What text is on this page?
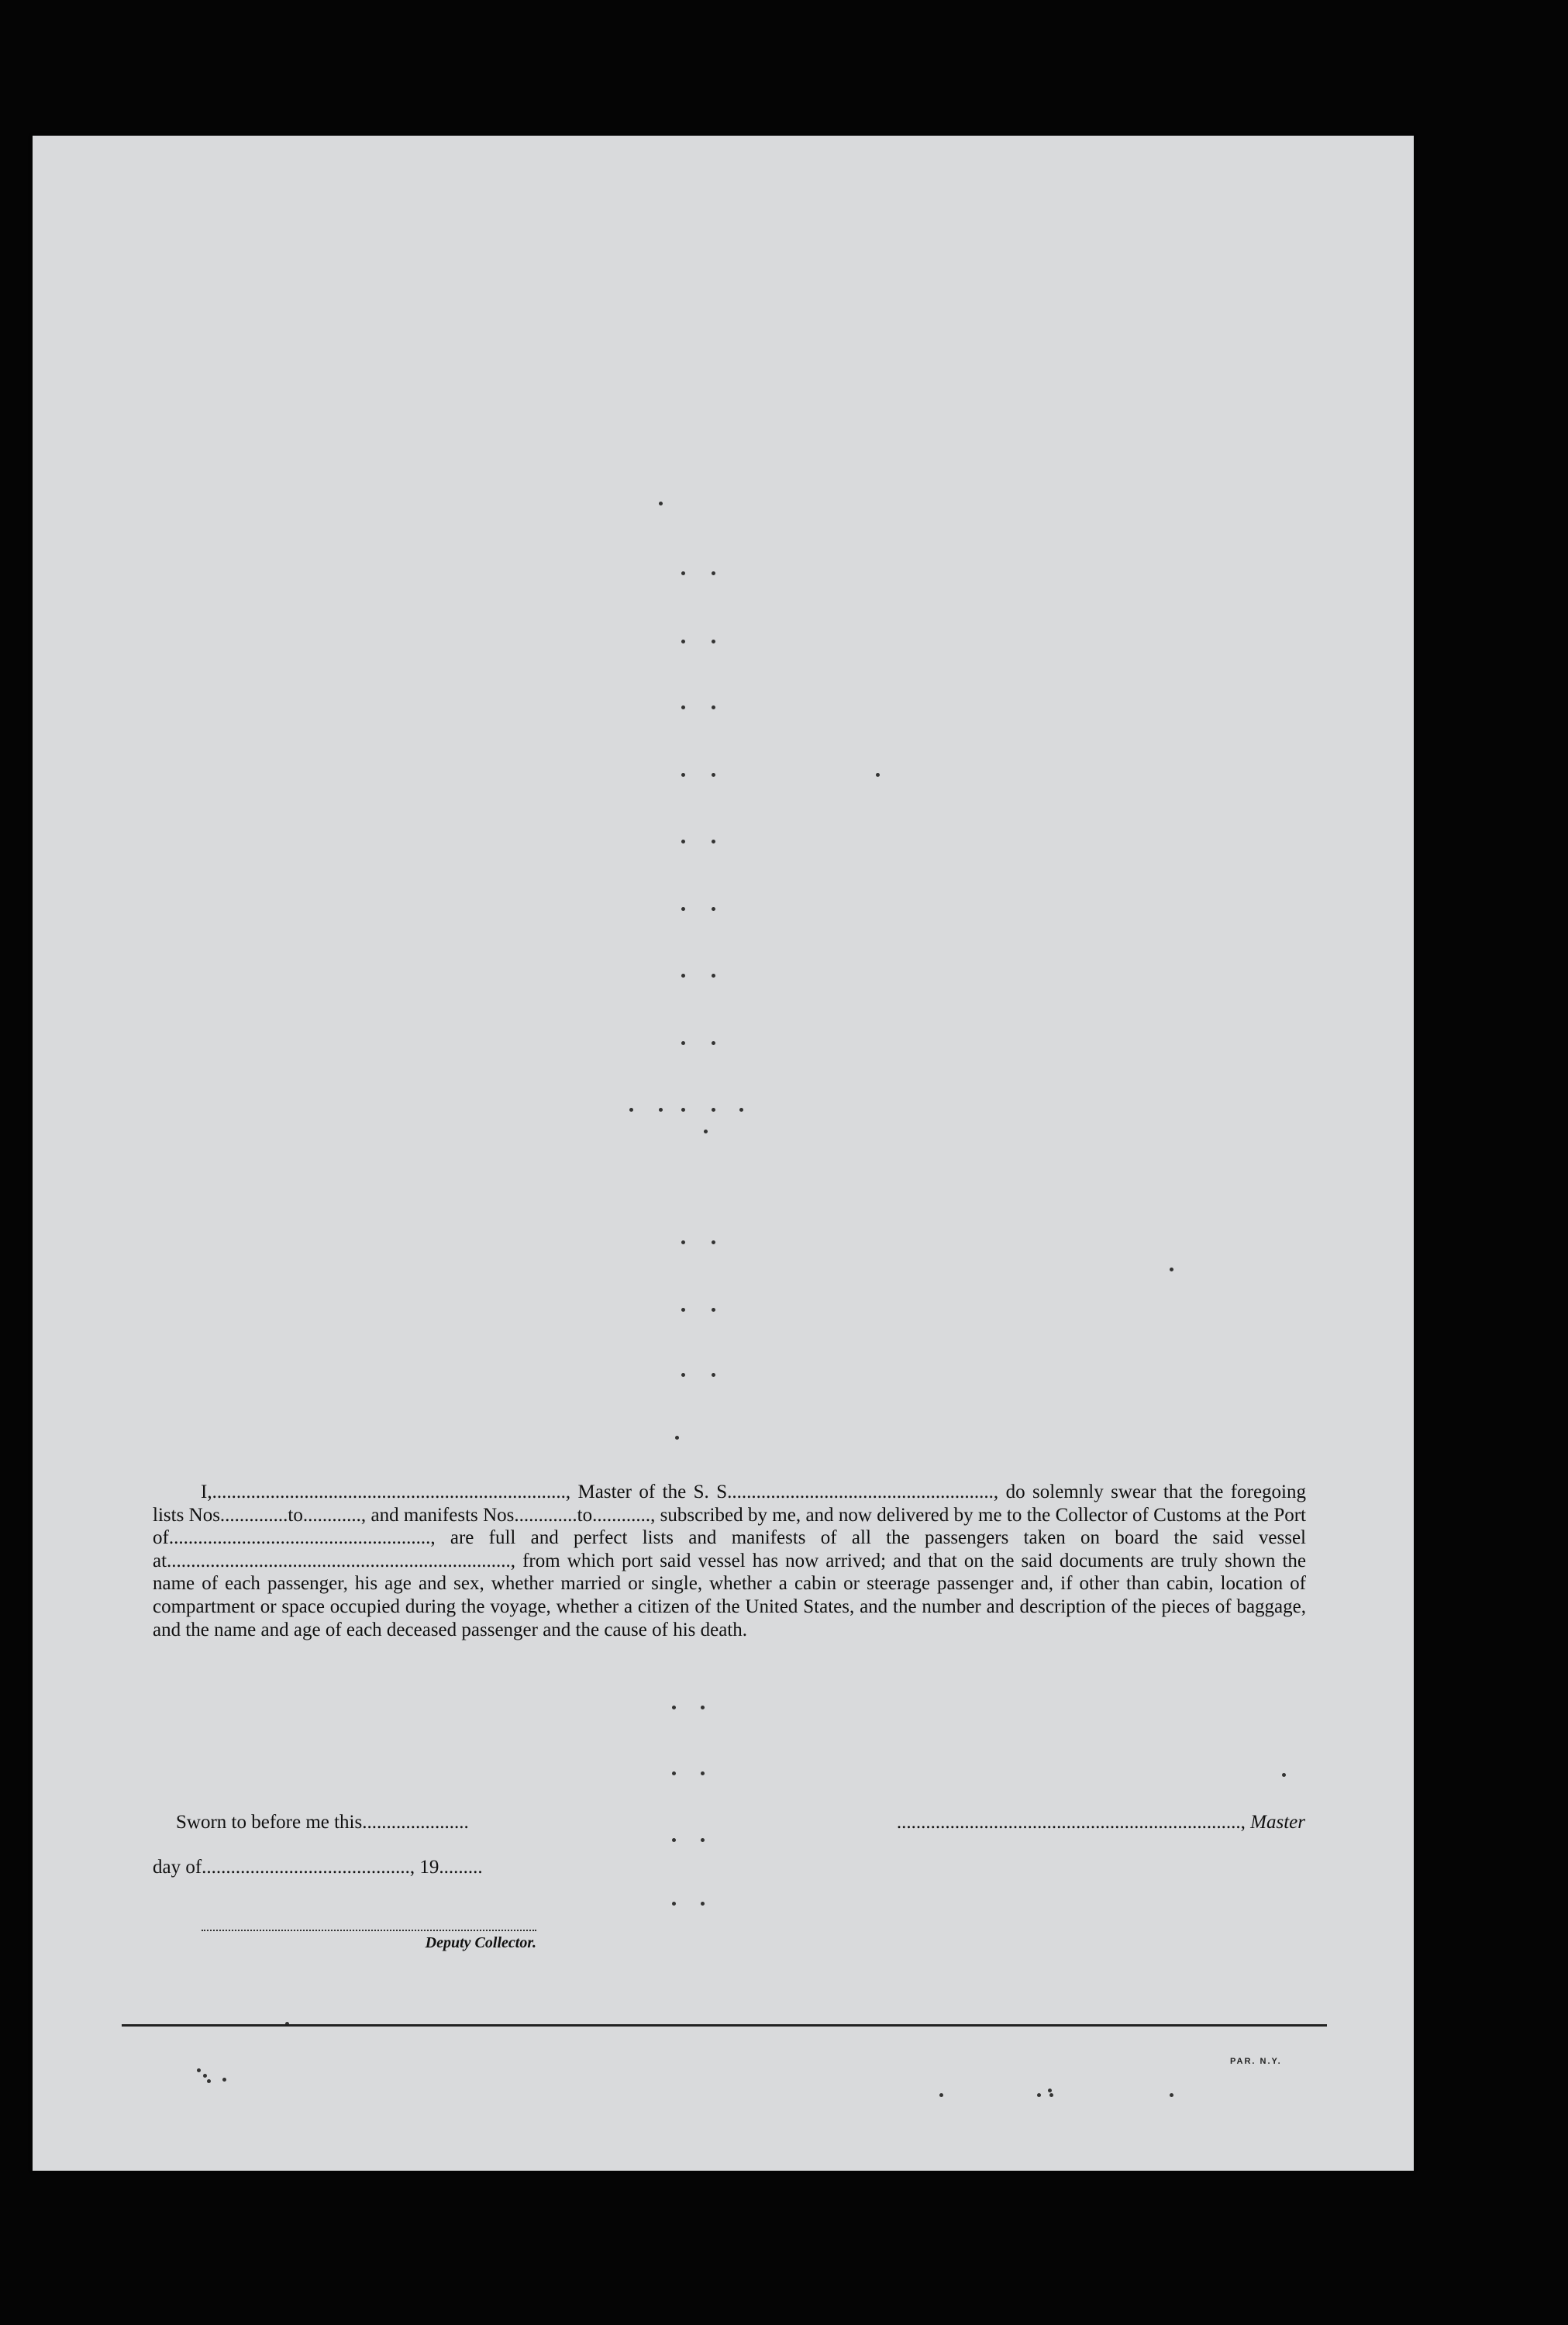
I,........................................................................., Master of the S. S......................................................., do solemnly swear that the foregoing lists Nos..............to............, and manifests Nos.............to............, subscribed by me, and now delivered by me to the Collector of Customs at the Port of......................................................, are full and perfect lists and manifests of all the passengers taken on board the said vessel at......................................................................., from which port said vessel has now arrived; and that on the said documents are truly shown the name of each passenger, his age and sex, whether married or single, whether a cabin or steerage passenger and, if other than cabin, location of compartment or space occupied during the voyage, whether a citizen of the United States, and the number and description of the pieces of baggage, and the name and age of each deceased passenger and the cause of his death.
Sworn to before me this......................
day of..........................................., 19.........
......................................................................., Master
Deputy Collector.
PAR. N.Y.
